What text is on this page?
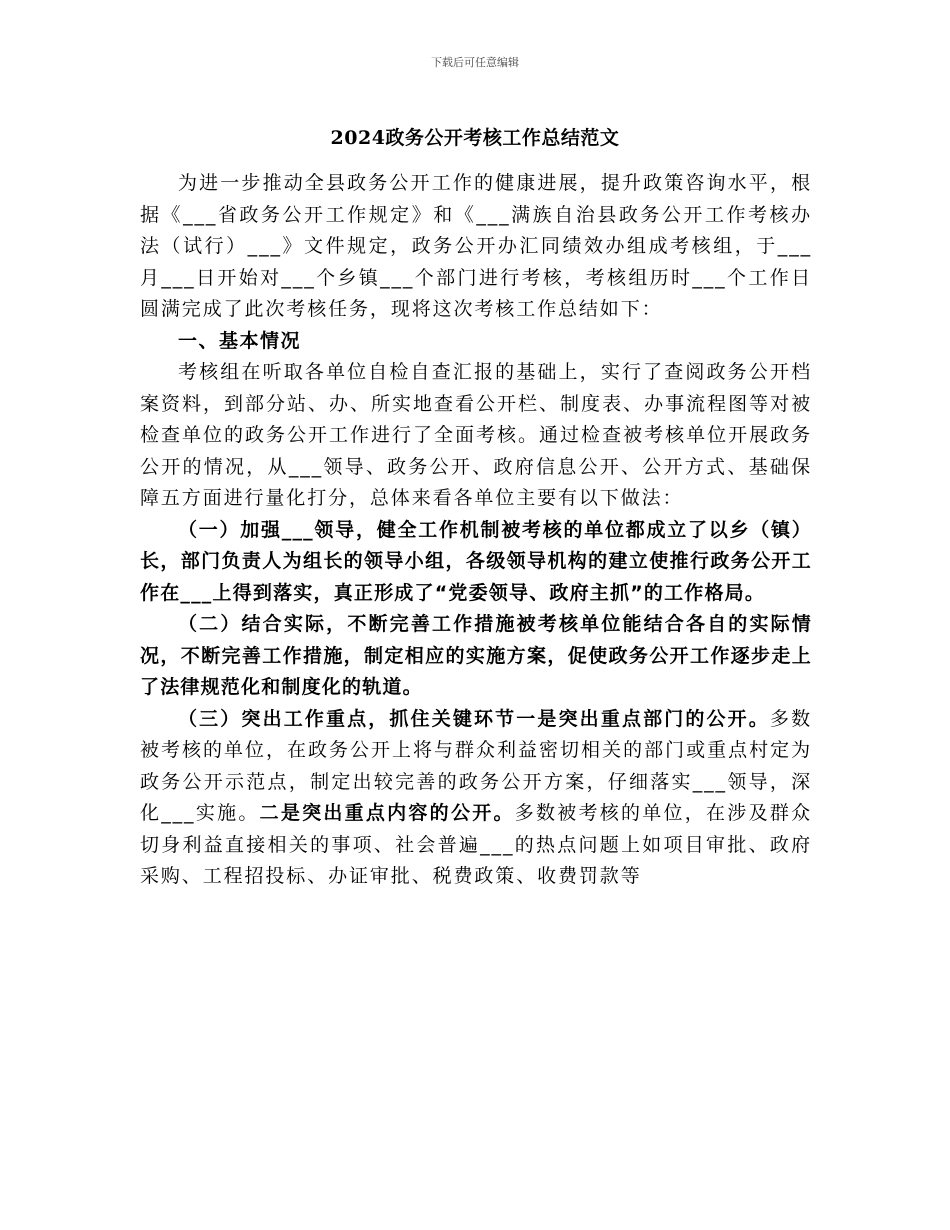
下载后可任意编辑
2024政务公开考核工作总结范文

为进一步推动全县政务公开工作的健康进展，提升政策咨询水平，根据《___省政务公开工作规定》和《___满族自治县政务公开工作考核办法（试行）___》文件规定，政务公开办汇同绩效办组成考核组，于___月___日开始对___个乡镇___个部门进行考核，考核组历时___个工作日圆满完成了此次考核任务，现将这次考核工作总结如下：

一、基本情况

考核组在听取各单位自检自查汇报的基础上，实行了查阅政务公开档案资料，到部分站、办、所实地查看公开栏、制度表、办事流程图等对被检查单位的政务公开工作进行了全面考核。通过检查被考核单位开展政务公开的情况，从___领导、政务公开、政府信息公开、公开方式、基础保障五方面进行量化打分，总体来看各单位主要有以下做法：

（一）加强___领导，健全工作机制被考核的单位都成立了以乡（镇）长，部门负责人为组长的领导小组，各级领导机构的建立使推行政务公开工作在___上得到落实，真正形成了“党委领导、政府主抓”的工作格局。

（二）结合实际，不断完善工作措施被考核单位能结合各自的实际情况，不断完善工作措施，制定相应的实施方案，促使政务公开工作逐步走上了法律规范化和制度化的轨道。

（三）突出工作重点，抓住关键环节一是突出重点部门的公开。多数被考核的单位，在政务公开上将与群众利益密切相关的部门或重点村定为政务公开示范点，制定出较完善的政务公开方案，仔细落实___领导，深化___实施。二是突出重点内容的公开。多数被考核的单位，在涉及群众切身利益直接相关的事项、社会普遍___的热点问题上如项目审批、政府采购、工程招投标、办证审批、税费政策、收费罚款等
